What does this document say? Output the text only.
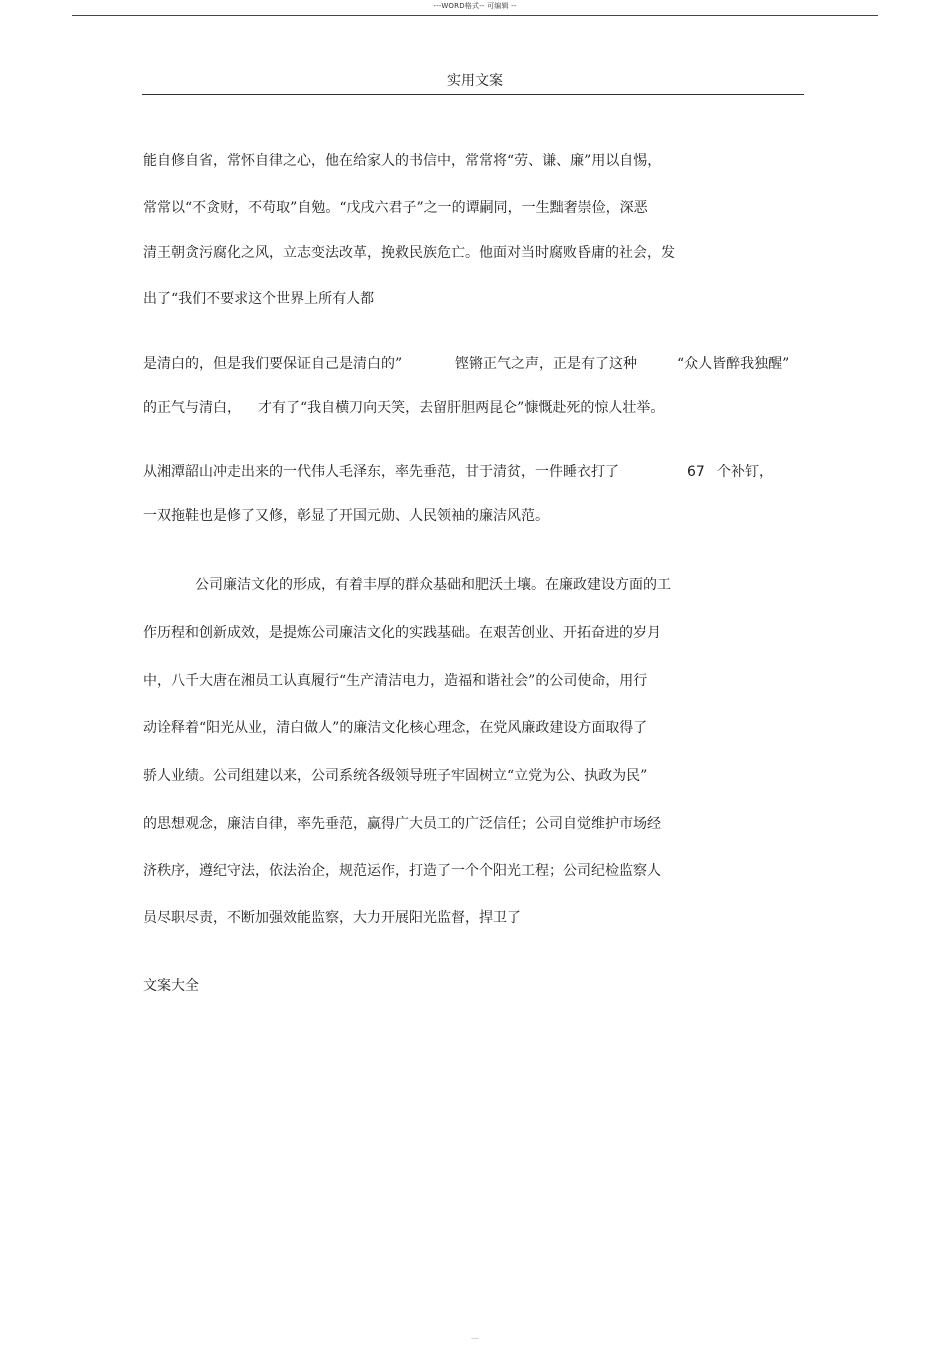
---WORD格式-- 可编辑 --
实用文案
能自修自省，常怀自律之心，他在给家人的书信中，常常将“劳、谦、廉”用以自惕，
常常以“不贪财，不苟取”自勉。“戊戌六君子”之一的谭嗣同，一生黜奢崇俭，深恶
清王朝贪污腐化之风，立志变法改革，挽救民族危亡。他面对当时腐败昏庸的社会，发
出了“我们不要求这个世界上所有人都
是清白的，但是我们要保证自己是清白的”	铿锵正气之声，正是有了这种	“众人皆醉我独醒”
的正气与清白， 才有了“我自横刀向天笑，去留肝胆两昆仑”慷慨赴死的惊人壮举。
从湘潭韶山冲走出来的一代伟人毛泽东，率先垂范，甘于清贫，一件睡衣打了	67 个补钉，
一双拖鞋也是修了又修，彰显了开国元勋、人民领袖的廉洁风范。
公司廉洁文化的形成，有着丰厚的群众基础和肥沃土壤。在廉政建设方面的工
作历程和创新成效，是提炼公司廉洁文化的实践基础。在艰苦创业、开拓奋进的岁月
中，八千大唐在湘员工认真履行“生产清洁电力，造福和谐社会”的公司使命，用行
动诠释着“阳光从业，清白做人”的廉洁文化核心理念，在党风廉政建设方面取得了
骄人业绩。公司组建以来，公司系统各级领导班子牢固树立“立党为公、执政为民”
的思想观念，廉洁自律，率先垂范，赢得广大员工的广泛信任；公司自觉维护市场经
济秩序，遵纪守法，依法治企，规范运作，打造了一个个阳光工程；公司纪检监察人
员尽职尽责，不断加强效能监察，大力开展阳光监督，捍卫了
文案大全
....
